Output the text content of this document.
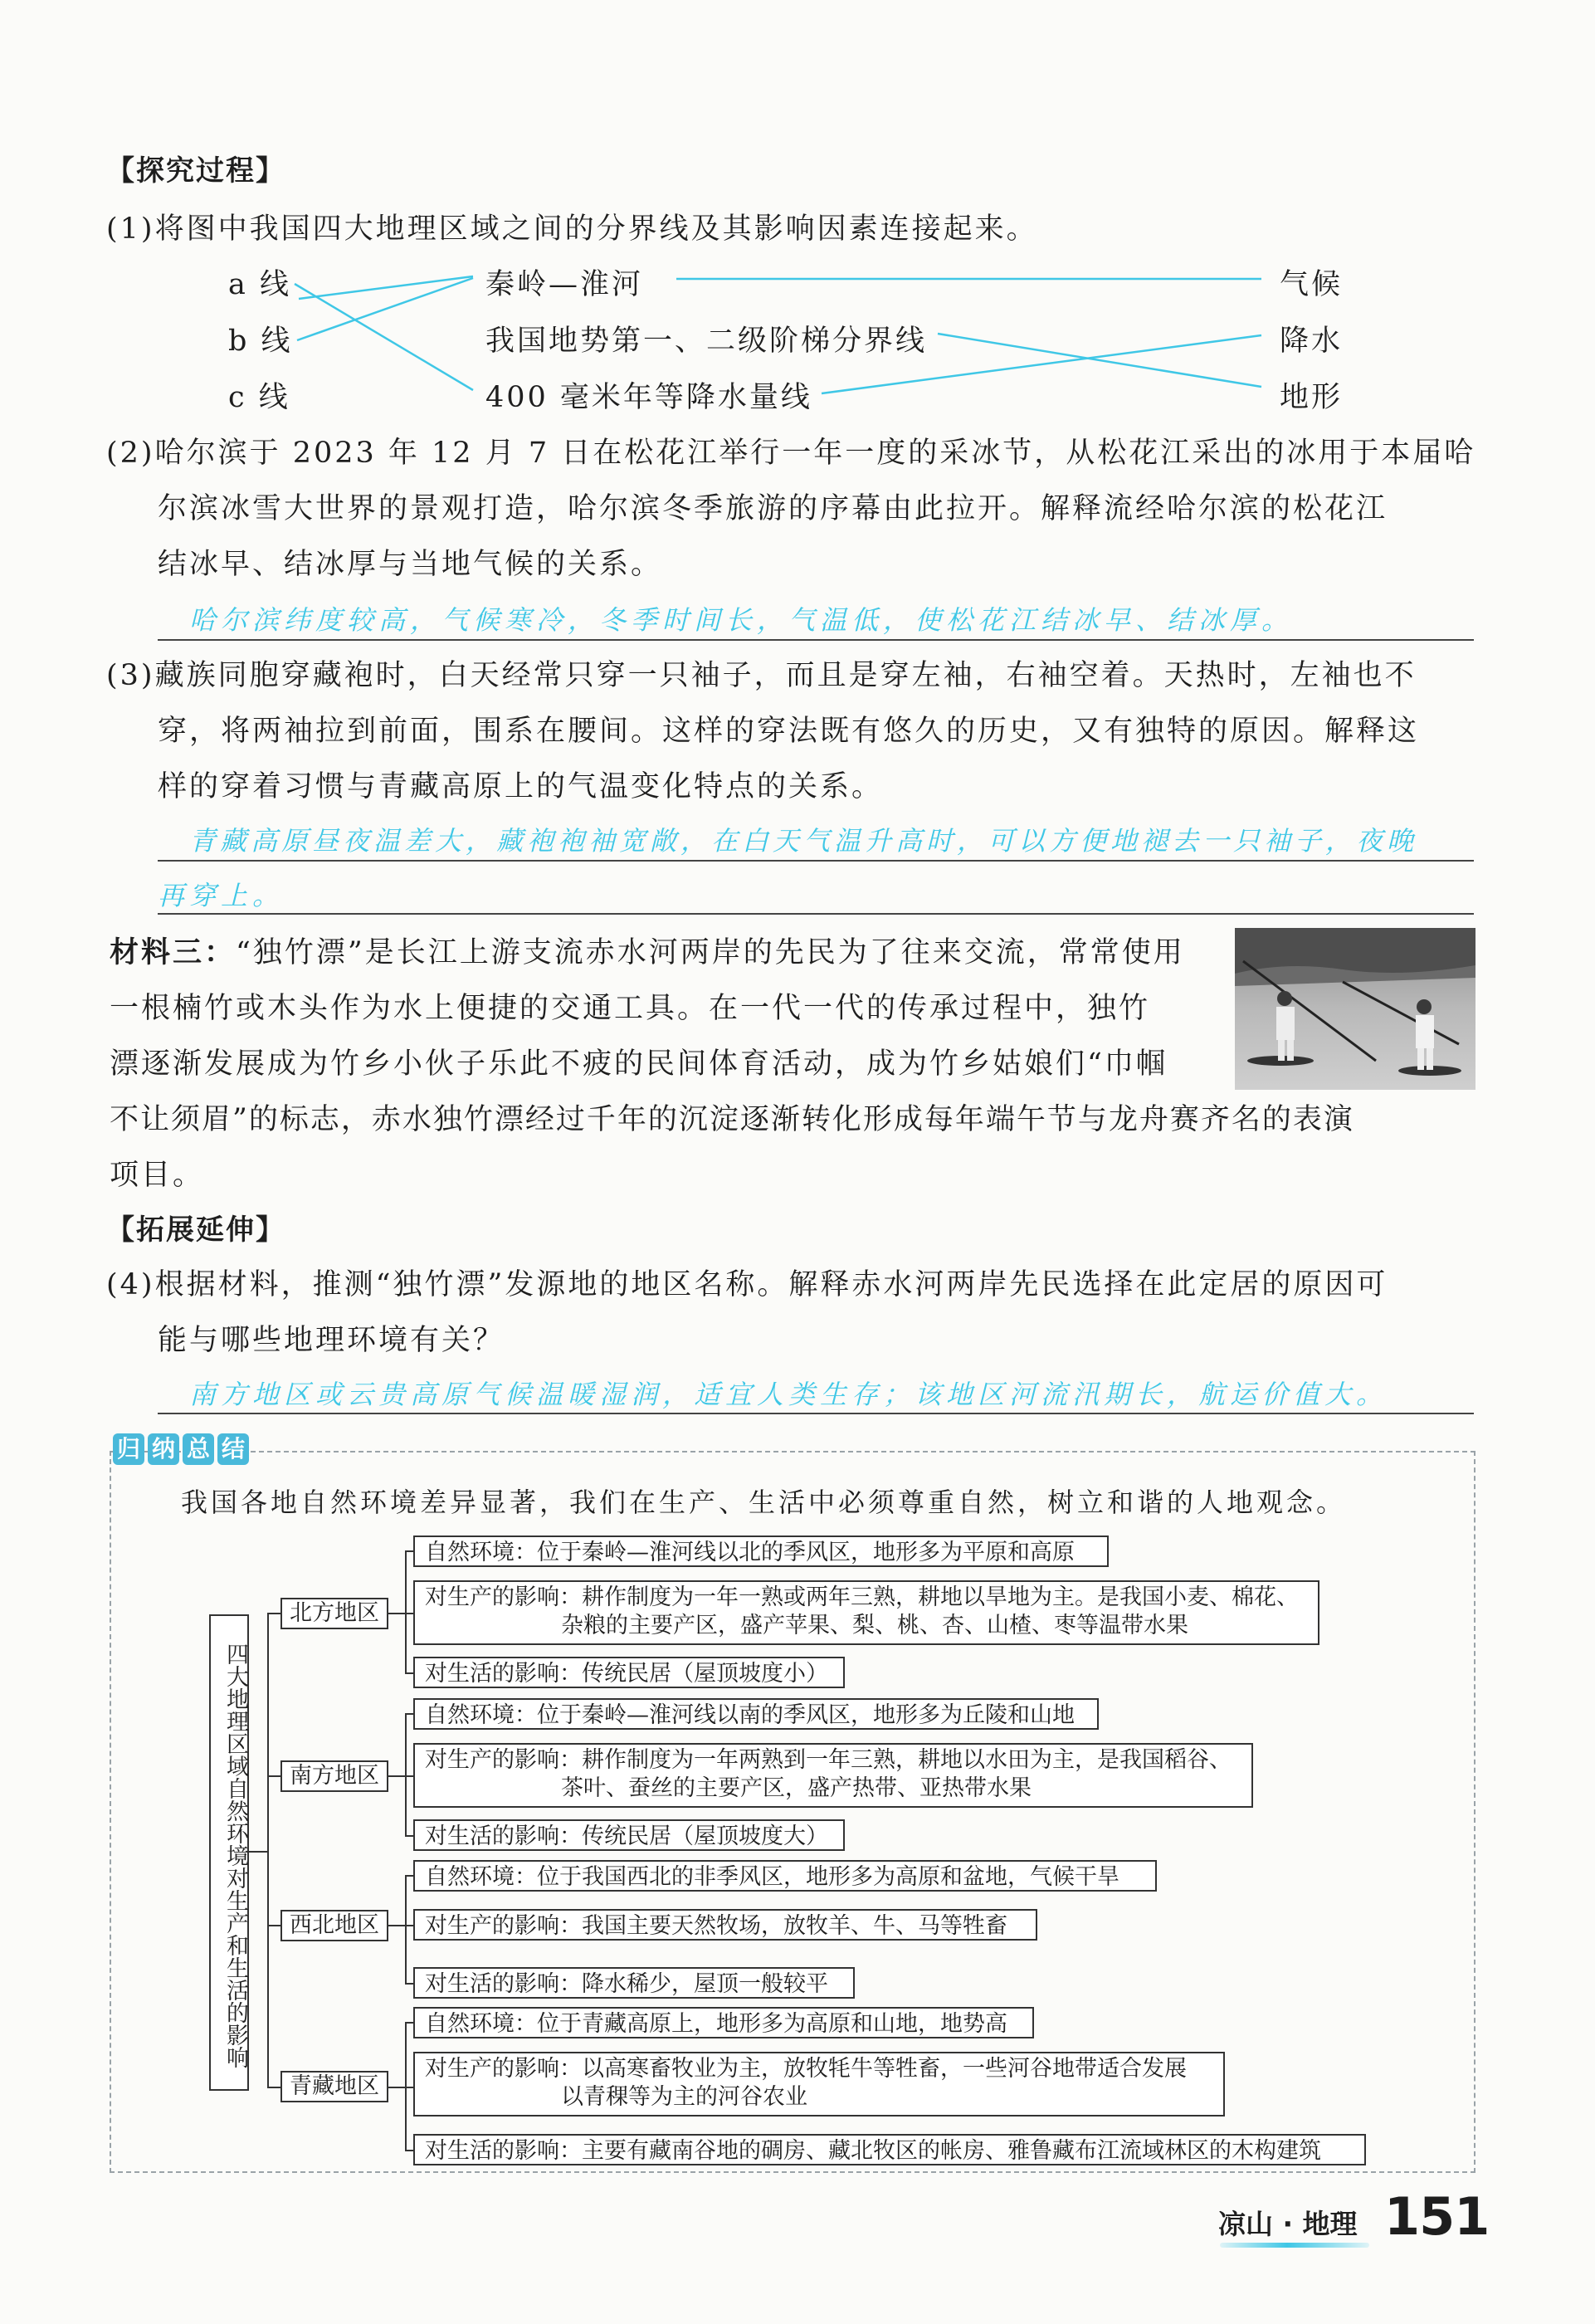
【探究过程】
(1)将图中我国四大地理区域之间的分界线及其影响因素连接起来。
a 线
b 线
c 线
秦岭—淮河
我国地势第一、二级阶梯分界线
400 毫米年等降水量线
气候
降水
地形
(2)哈尔滨于 2023 年 12 月 7 日在松花江举行一年一度的采冰节，从松花江采出的冰用于本届哈
尔滨冰雪大世界的景观打造，哈尔滨冬季旅游的序幕由此拉开。解释流经哈尔滨的松花江
结冰早、结冰厚与当地气候的关系。
哈尔滨纬度较高，气候寒冷，冬季时间长，气温低，使松花江结冰早、结冰厚。
(3)藏族同胞穿藏袍时，白天经常只穿一只袖子，而且是穿左袖，右袖空着。天热时，左袖也不
穿，将两袖拉到前面，围系在腰间。这样的穿法既有悠久的历史，又有独特的原因。解释这
样的穿着习惯与青藏高原上的气温变化特点的关系。
青藏高原昼夜温差大，藏袍袍袖宽敞，在白天气温升高时，可以方便地褪去一只袖子，夜晚
再穿上。
材料三：“独竹漂”是长江上游支流赤水河两岸的先民为了往来交流，常常使用
一根楠竹或木头作为水上便捷的交通工具。在一代一代的传承过程中，独竹
漂逐渐发展成为竹乡小伙子乐此不疲的民间体育活动，成为竹乡姑娘们“巾帼
不让须眉”的标志，赤水独竹漂经过千年的沉淀逐渐转化形成每年端午节与龙舟赛齐名的表演
项目。
【拓展延伸】
(4)根据材料，推测“独竹漂”发源地的地区名称。解释赤水河两岸先民选择在此定居的原因可
能与哪些地理环境有关？
南方地区或云贵高原气候温暖湿润，适宜人类生存；该地区河流汛期长，航运价值大。
归 纳 总 结
我国各地自然环境差异显著，我们在生产、生活中必须尊重自然，树立和谐的人地观念。
四大地理区域自然环境对生产和生活的影响
北方地区
自然环境：位于秦岭—淮河线以北的季风区，地形多为平原和高原
对生产的影响：耕作制度为一年一熟或两年三熟，耕地以旱地为主。是我国小麦、棉花、
杂粮的主要产区，盛产苹果、梨、桃、杏、山楂、枣等温带水果
对生活的影响：传统民居（屋顶坡度小）
南方地区
自然环境：位于秦岭—淮河线以南的季风区，地形多为丘陵和山地
对生产的影响：耕作制度为一年两熟到一年三熟，耕地以水田为主，是我国稻谷、
茶叶、蚕丝的主要产区，盛产热带、亚热带水果
对生活的影响：传统民居（屋顶坡度大）
西北地区
自然环境：位于我国西北的非季风区，地形多为高原和盆地，气候干旱
对生产的影响：我国主要天然牧场，放牧羊、牛、马等牲畜
对生活的影响：降水稀少，屋顶一般较平
青藏地区
自然环境：位于青藏高原上，地形多为高原和山地，地势高
对生产的影响：以高寒畜牧业为主，放牧牦牛等牲畜，一些河谷地带适合发展
以青稞等为主的河谷农业
对生活的影响：主要有藏南谷地的碉房、藏北牧区的帐房、雅鲁藏布江流域林区的木构建筑
凉山 · 地理 151
